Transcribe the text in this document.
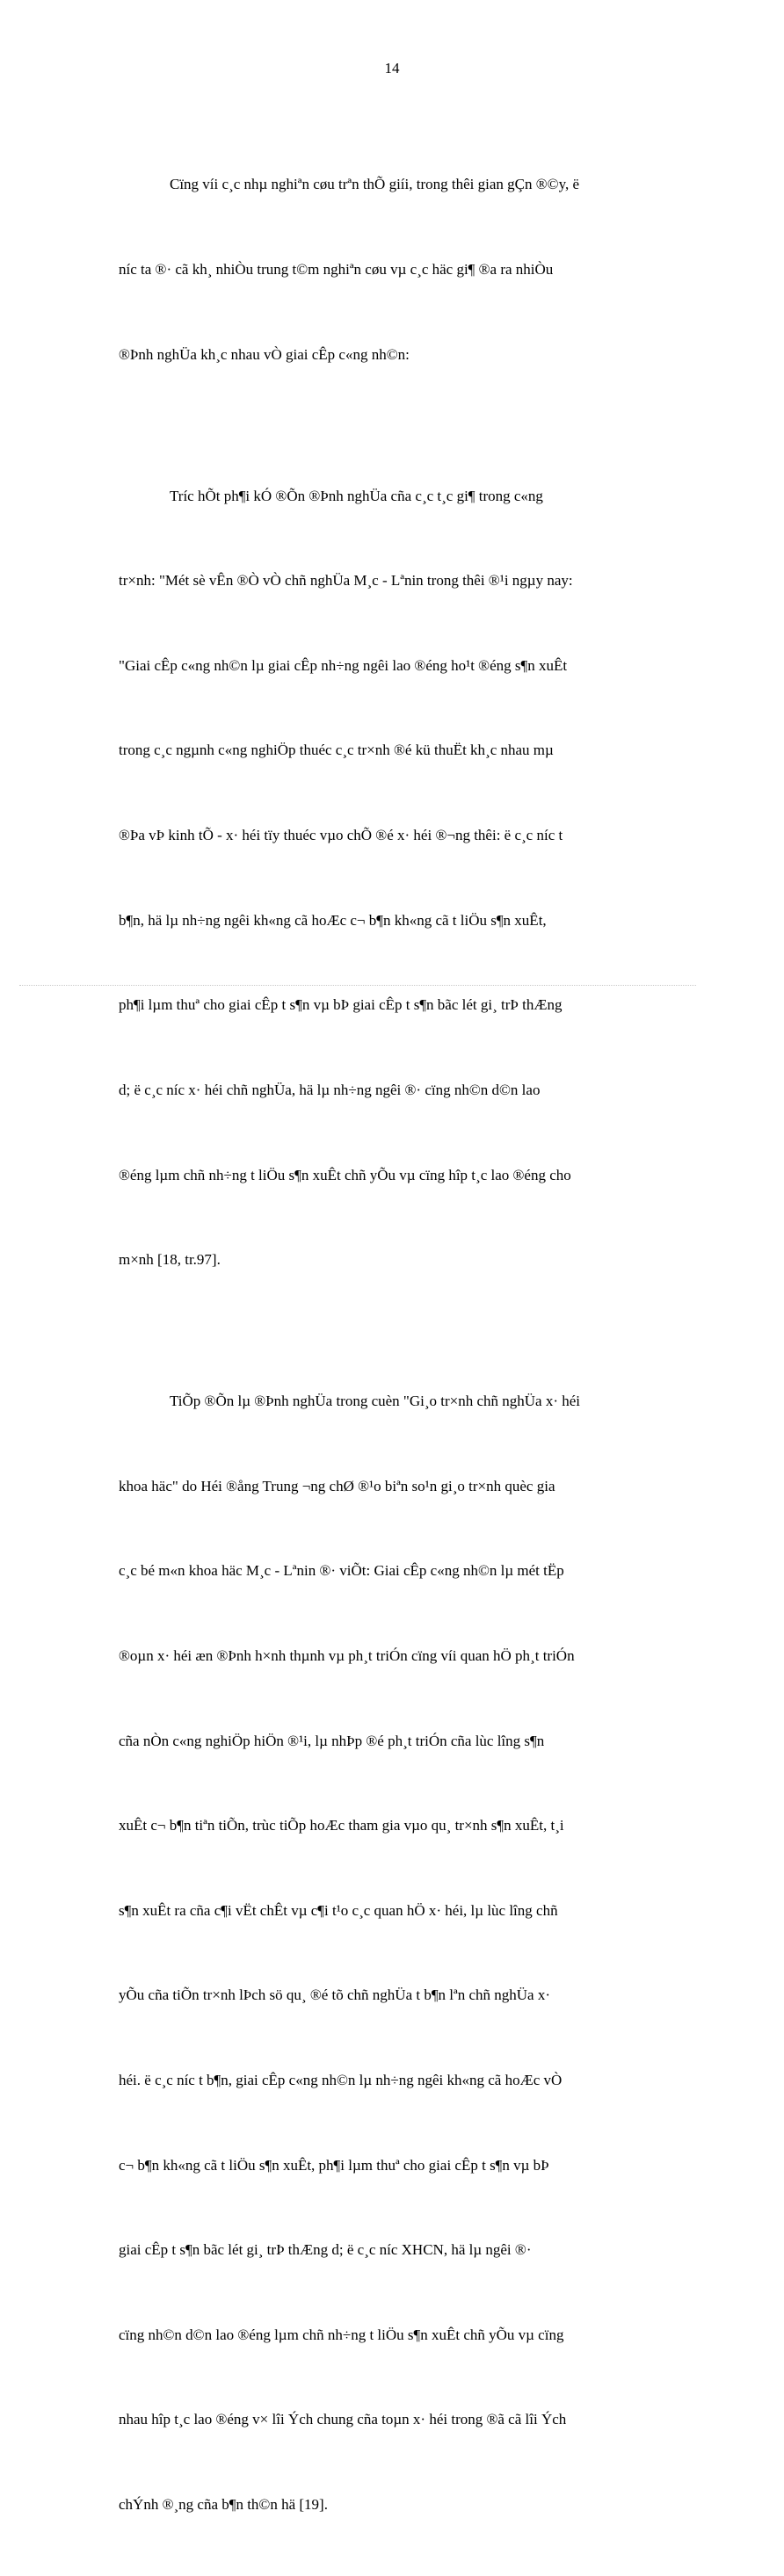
14

Cïng víi c¸c nhµ nghiªn cøu trªn thÕ giíi, trong thêi gian gÇn ®©y, ë

níc ta ®· cã kh¸ nhiÒu trung t©m nghiªn cøu vµ c¸c häc gi¶ ®a ra nhiÒu

®Þnh nghÜa kh¸c nhau vÒ giai cÊp c«ng nh©n:

Tríc hÕt ph¶i kÓ ®Õn ®Þnh nghÜa cña c¸c t¸c gi¶ trong c«ng

tr×nh: "Mét sè vÊn ®Ò vÒ chñ nghÜa M¸c - Lªnin trong thêi ®¹i ngµy nay:

"Giai cÊp c«ng nh©n lµ giai cÊp nh÷ng ngêi lao ®éng ho¹t ®éng s¶n xuÊt

trong c¸c ngµnh c«ng nghiÖp thuéc c¸c tr×nh ®é kü thuËt kh¸c nhau mµ

®Þa vÞ kinh tÕ - x· héi tïy thuéc vµo chÕ ®é x· héi ®¬ng thêi: ë c¸c níc t

b¶n, hä lµ nh÷ng ngêi kh«ng cã hoÆc c¬ b¶n kh«ng cã t liÖu s¶n xuÊt,

ph¶i lµm thuª cho giai cÊp t s¶n vµ bÞ giai cÊp t s¶n bãc lét gi¸ trÞ thÆng

d; ë c¸c níc x· héi chñ nghÜa, hä lµ nh÷ng ngêi ®· cïng nh©n d©n lao

®éng lµm chñ nh÷ng t liÖu s¶n xuÊt chñ yÕu vµ cïng hîp t¸c lao ®éng cho

m×nh [18, tr.97].

TiÕp ®Õn lµ ®Þnh nghÜa trong cuèn "Gi¸o tr×nh chñ nghÜa x· héi

khoa häc" do Héi ®ång Trung ¬ng chØ ®¹o biªn so¹n gi¸o tr×nh quèc gia

c¸c bé m«n khoa häc M¸c - Lªnin ®· viÕt: Giai cÊp c«ng nh©n lµ mét tËp

®oµn x· héi æn ®Þnh h×nh thµnh vµ ph¸t triÓn cïng víi quan hÖ ph¸t triÓn

cña nÒn c«ng nghiÖp hiÖn ®¹i, lµ nhÞp ®é ph¸t triÓn cña lùc lîng s¶n

xuÊt c¬ b¶n tiªn tiÕn, trùc tiÕp hoÆc tham gia vµo qu¸ tr×nh s¶n xuÊt, t¸i

s¶n xuÊt ra cña c¶i vËt chÊt vµ c¶i t¹o c¸c quan hÖ x· héi, lµ lùc lîng chñ

yÕu cña tiÕn tr×nh lÞch sö qu¸ ®é tõ chñ nghÜa t b¶n lªn chñ nghÜa x·

héi. ë c¸c níc t b¶n, giai cÊp c«ng nh©n lµ nh÷ng ngêi kh«ng cã hoÆc vÒ

c¬ b¶n kh«ng cã t liÖu s¶n xuÊt, ph¶i lµm thuª cho giai cÊp t s¶n vµ bÞ

giai cÊp t s¶n bãc lét gi¸ trÞ thÆng d; ë c¸c níc XHCN, hä lµ ngêi ®·

cïng nh©n d©n lao ®éng lµm chñ nh÷ng t liÖu s¶n xuÊt chñ yÕu vµ cïng

nhau hîp t¸c lao ®éng v× lîi Ých chung cña toµn x· héi trong ®ã cã lîi Ých

chÝnh ®¸ng cña b¶n th©n hä [19].
